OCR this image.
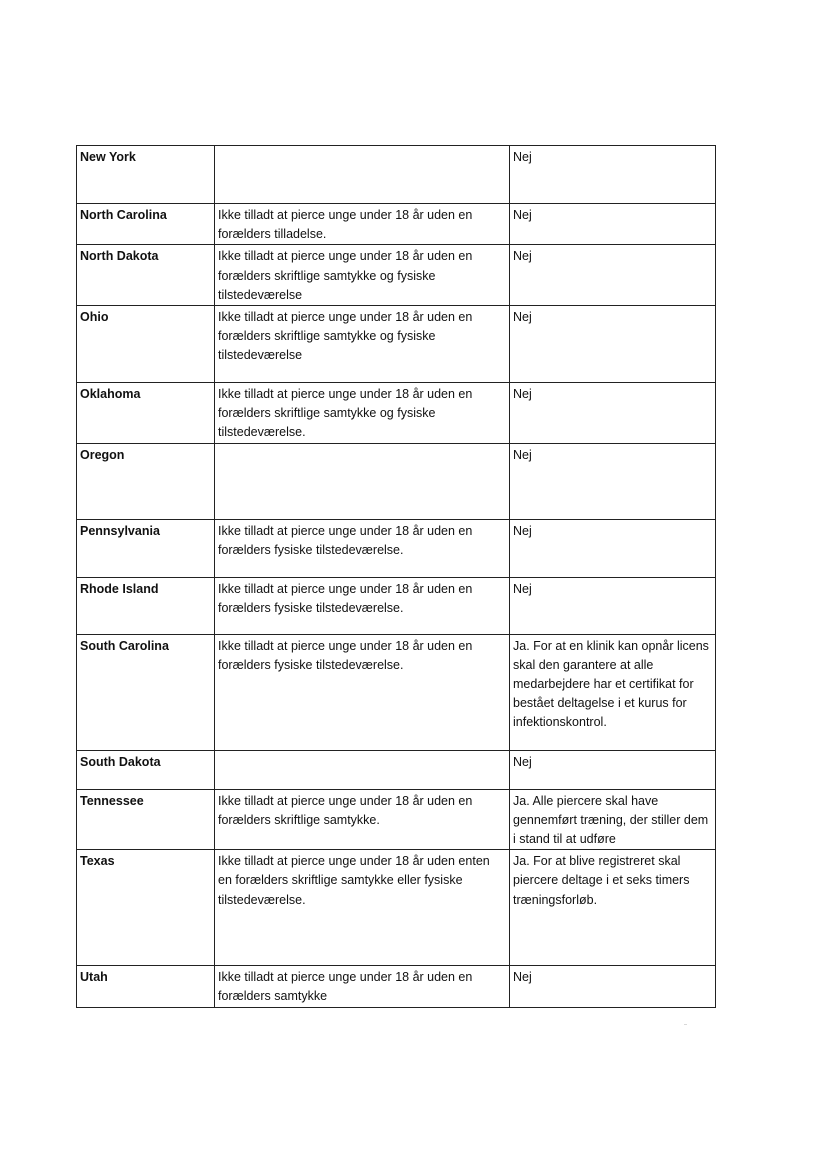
New York		Nej
North Carolina	Ikke tilladt at pierce unge under 18 år uden en forælders tilladelse.	Nej
North Dakota	Ikke tilladt at pierce unge under 18 år uden en forælders skriftlige samtykke og fysiske tilstedeværelse	Nej
Ohio	Ikke tilladt at pierce unge under 18 år uden en forælders skriftlige samtykke og fysiske tilstedeværelse	Nej
Oklahoma	Ikke tilladt at pierce unge under 18 år uden en forælders skriftlige samtykke og fysiske tilstedeværelse.	Nej
Oregon		Nej
Pennsylvania	Ikke tilladt at pierce unge under 18 år uden en forælders fysiske tilstedeværelse.	Nej
Rhode Island	Ikke tilladt at pierce unge under 18 år uden en forælders fysiske tilstedeværelse.	Nej
South Carolina	Ikke tilladt at pierce unge under 18 år uden en forælders fysiske tilstedeværelse.	Ja. For at en klinik kan opnår licens skal den garantere at alle medarbejdere har et certifikat for bestået deltagelse i et kurus for infektionskontrol.
South Dakota		Nej
Tennessee	Ikke tilladt at pierce unge under 18 år uden en forælders skriftlige samtykke.	Ja. Alle piercere skal have gennemført træning, der stiller dem i stand til at udføre
Texas	Ikke tilladt at pierce unge under 18 år uden enten en forælders skriftlige samtykke eller fysiske tilstedeværelse.	Ja. For at blive registreret skal piercere deltage i et seks timers træningsforløb.
Utah	Ikke tilladt at pierce unge under 18 år uden en forælders samtykke	Nej
